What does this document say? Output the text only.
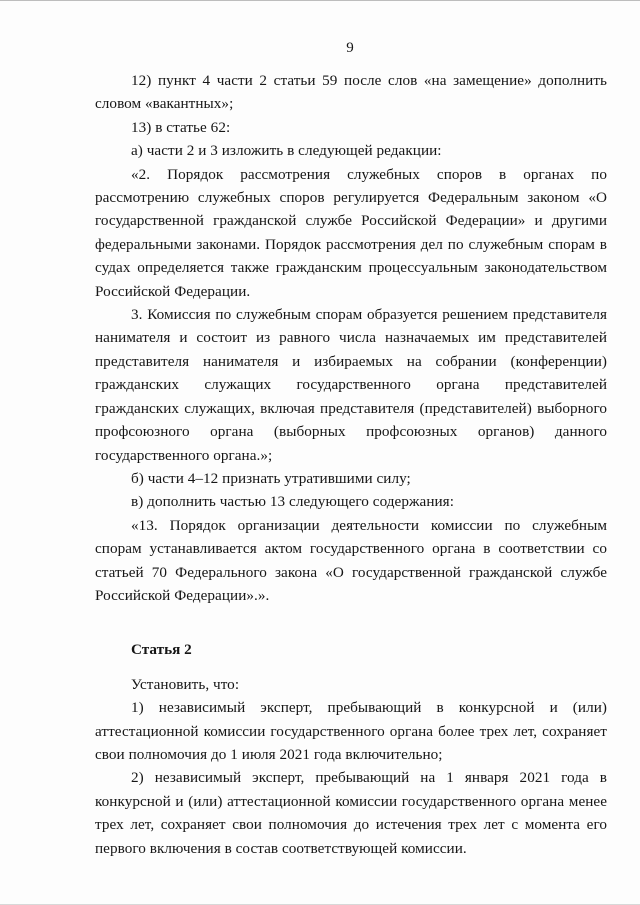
9

12) пункт 4 части 2 статьи 59 после слов «на замещение» дополнить словом «вакантных»;

13) в статье 62:

а) части 2 и 3 изложить в следующей редакции:

«2. Порядок рассмотрения служебных споров в органах по рассмотрению служебных споров регулируется Федеральным законом «О государственной гражданской службе Российской Федерации» и другими федеральными законами. Порядок рассмотрения дел по служебным спорам в судах определяется также гражданским процессуальным законодательством Российской Федерации.

3. Комиссия по служебным спорам образуется решением представителя нанимателя и состоит из равного числа назначаемых им представителей представителя нанимателя и избираемых на собрании (конференции) гражданских служащих государственного органа представителей гражданских служащих, включая представителя (представителей) выборного профсоюзного органа (выборных профсоюзных органов) данного государственного органа.»;

б) части 4–12 признать утратившими силу;

в) дополнить частью 13 следующего содержания:

«13. Порядок организации деятельности комиссии по служебным спорам устанавливается актом государственного органа в соответствии со статьей 70 Федерального закона «О государственной гражданской службе Российской Федерации».».

Статья 2

Установить, что:

1) независимый эксперт, пребывающий в конкурсной и (или) аттестационной комиссии государственного органа более трех лет, сохраняет свои полномочия до 1 июля 2021 года включительно;

2) независимый эксперт, пребывающий на 1 января 2021 года в конкурсной и (или) аттестационной комиссии государственного органа менее трех лет, сохраняет свои полномочия до истечения трех лет с момента его первого включения в состав соответствующей комиссии.
